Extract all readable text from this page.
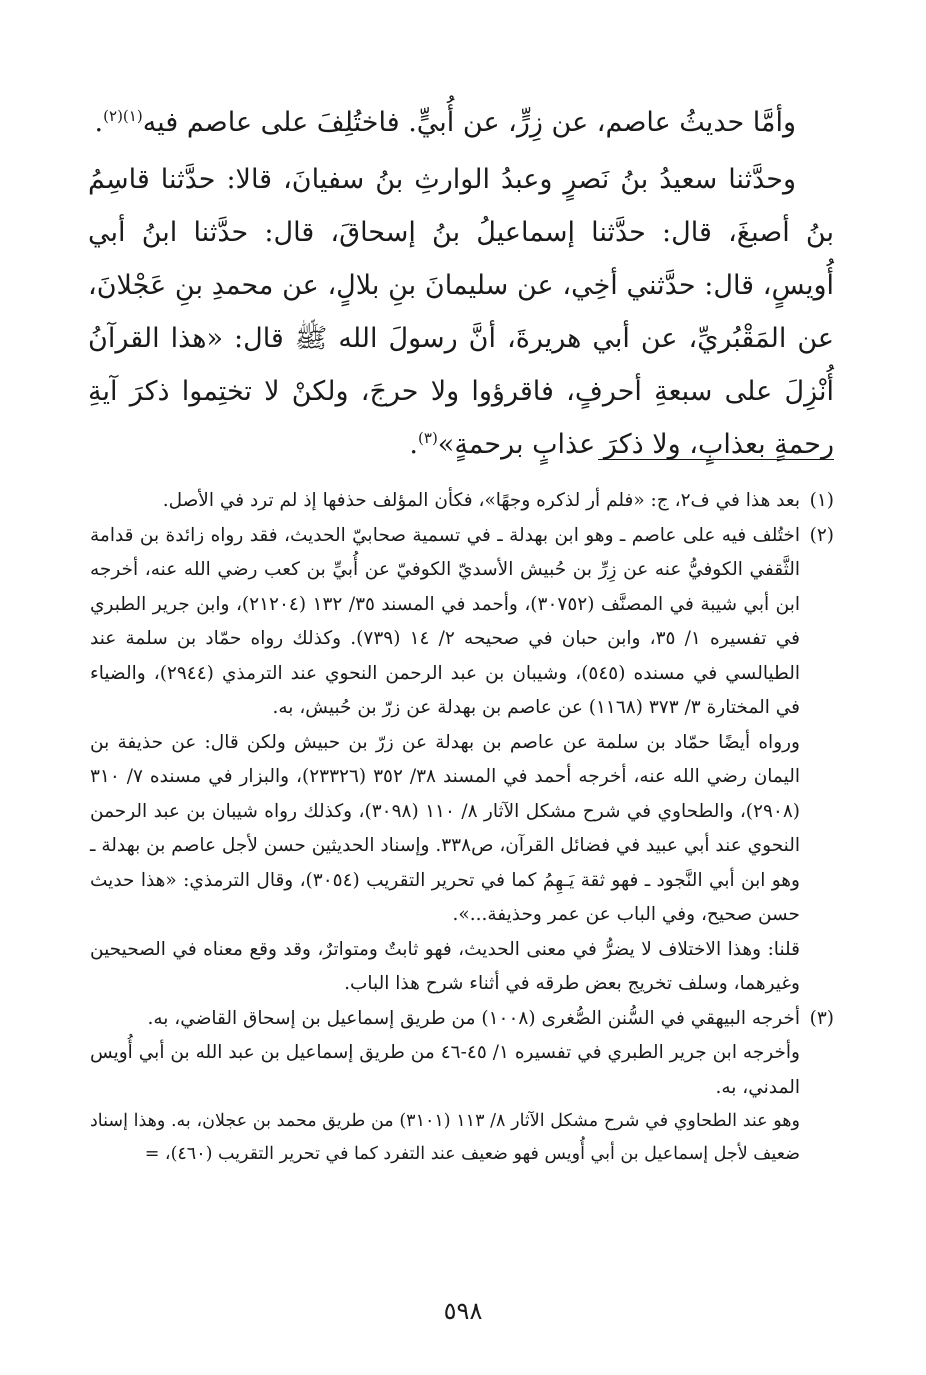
وأمَّا حديثُ عاصم، عن زِرٍّ، عن أُبيٍّ. فاختُلِفَ على عاصم فيه$^{(١)(٢)}$.

وحدَّثنا سعيدُ بنُ نَصرٍ وعبدُ الوارثِ بنُ سفيانَ، قالا: حدَّثنا قاسِمُ بنُ أصبغَ، قال: حدَّثنا إسماعيلُ بنُ إسحاقَ، قال: حدَّثنا ابنُ أبي أُويسٍ، قال: حدَّثني أخِي، عن سليمانَ بنِ بلالٍ، عن محمدِ بنِ عَجْلانَ، عن المَقْبُريِّ، عن أبي هريرةَ، أنَّ رسولَ الله ﷺ قال: «هذا القرآنُ أُنْزِلَ على سبعةِ أحرفٍ، فاقرؤوا ولا حرجَ، ولكنْ لا تختِموا ذكرَ آيةِ رحمةٍ بعذابٍ، ولا ذكرَ عذابٍ برحمةٍ»$^{(٣)}$.

(١)

بعد هذا في ف٢، ج: «فلم أر لذكره وجهًا»، فكأن المؤلف حذفها إذ لم ترد في الأصل.

(٢)

اختُلف فيه على عاصم ـ وهو ابن بهدلة ـ في تسمية صحابيّ الحديث، فقد رواه زائدة بن قدامة الثَّقفي الكوفيُّ عنه عن زِرِّ بن حُبيش الأسديّ الكوفيّ عن أُبيِّ بن كعب رضي الله عنه، أخرجه ابن أبي شيبة في المصنَّف (٣٠٧٥٢)، وأحمد في المسند ٣٥/ ١٣٢ (٢١٢٠٤)، وابن جرير الطبري في تفسيره ١/ ٣٥، وابن حبان في صحيحه ٢/ ١٤ (٧٣٩). وكذلك رواه حمّاد بن سلمة عند الطيالسي في مسنده (٥٤٥)، وشيبان بن عبد الرحمن النحوي عند الترمذي (٢٩٤٤)، والضياء في المختارة ٣/ ٣٧٣ (١١٦٨) عن عاصم بن بهدلة عن زرّ بن حُبيش، به.

ورواه أيضًا حمّاد بن سلمة عن عاصم بن بهدلة عن زرّ بن حبيش ولكن قال: عن حذيفة بن اليمان رضي الله عنه، أخرجه أحمد في المسند ٣٨/ ٣٥٢ (٢٣٣٢٦)، والبزار في مسنده ٧/ ٣١٠ (٢٩٠٨)، والطحاوي في شرح مشكل الآثار ٨/ ١١٠ (٣٠٩٨)، وكذلك رواه شيبان بن عبد الرحمن النحوي عند أبي عبيد في فضائل القرآن، ص٣٣٨. وإسناد الحديثين حسن لأجل عاصم بن بهدلة ـ وهو ابن أبي النَّجود ـ فهو ثقة يَـهِمُ كما في تحرير التقريب (٣٠٥٤)، وقال الترمذي: «هذا حديث حسن صحيح، وفي الباب عن عمر وحذيفة...».

قلنا: وهذا الاختلاف لا يضرُّ في معنى الحديث، فهو ثابتٌ ومتواترٌ، وقد وقع معناه في الصحيحين وغيرهما، وسلف تخريج بعض طرقه في أثناء شرح هذا الباب.

(٣)

أخرجه البيهقي في السُّنن الصُّغرى (١٠٠٨) من طريق إسماعيل بن إسحاق القاضي، به.

وأخرجه ابن جرير الطبري في تفسيره ١/ ٤٥-٤٦ من طريق إسماعيل بن عبد الله بن أبي أُويس المدني، به.

وهو عند الطحاوي في شرح مشكل الآثار ٨/ ١١٣ (٣١٠١) من طريق محمد بن عجلان، به. وهذا إسناد ضعيف لأجل إسماعيل بن أبي أُويس فهو ضعيف عند التفرد كما في تحرير التقريب (٤٦٠)، =

٥٩٨
